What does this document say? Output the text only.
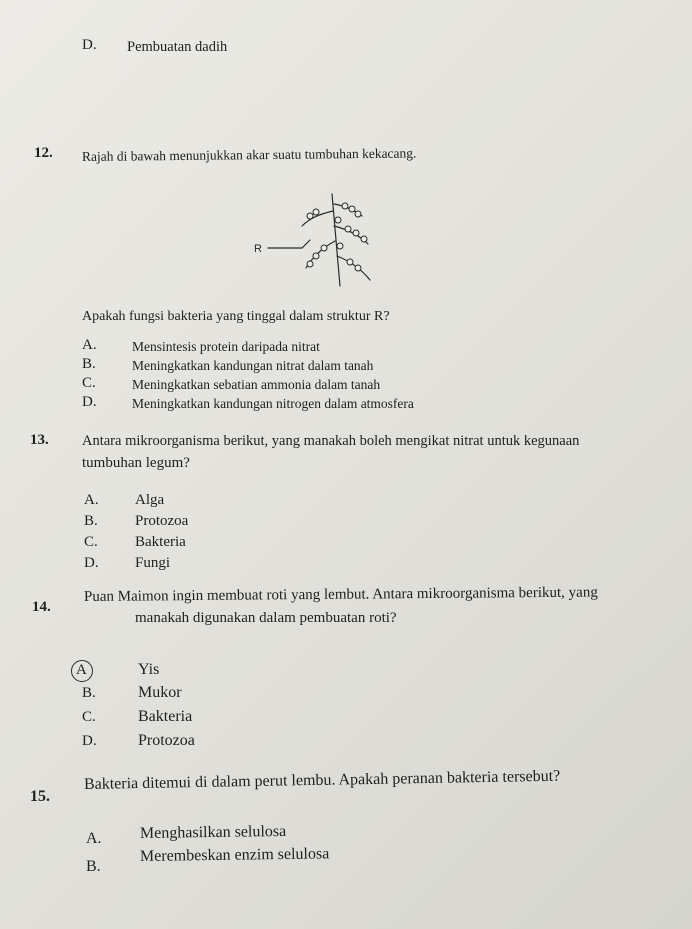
D. Pembuatan dadih
12. Rajah di bawah menunjukkan akar suatu tumbuhan kekacang.
R
Apakah fungsi bakteria yang tinggal dalam struktur R?
A.	Mensintesis protein daripada nitrat
B.	Meningkatkan kandungan nitrat dalam tanah
C.	Meningkatkan sebatian ammonia dalam tanah
D.	Meningkatkan kandungan nitrogen dalam atmosfera
13. Antara mikroorganisma berikut, yang manakah boleh mengikat nitrat untuk kegunaan
tumbuhan legum?
A. Alga
B. Protozoa
C. Bakteria
D. Fungi
14.
Puan Maimon ingin membuat roti yang lembut. Antara mikroorganisma berikut, yang
manakah digunakan dalam pembuatan roti?
A	Yis
B.	Mukor
C.	Bakteria
D.	Protozoa
15.
Bakteria ditemui di dalam perut lembu. Apakah peranan bakteria tersebut?
A. Menghasilkan selulosa
B.
Merembeskan enzim selulosa
